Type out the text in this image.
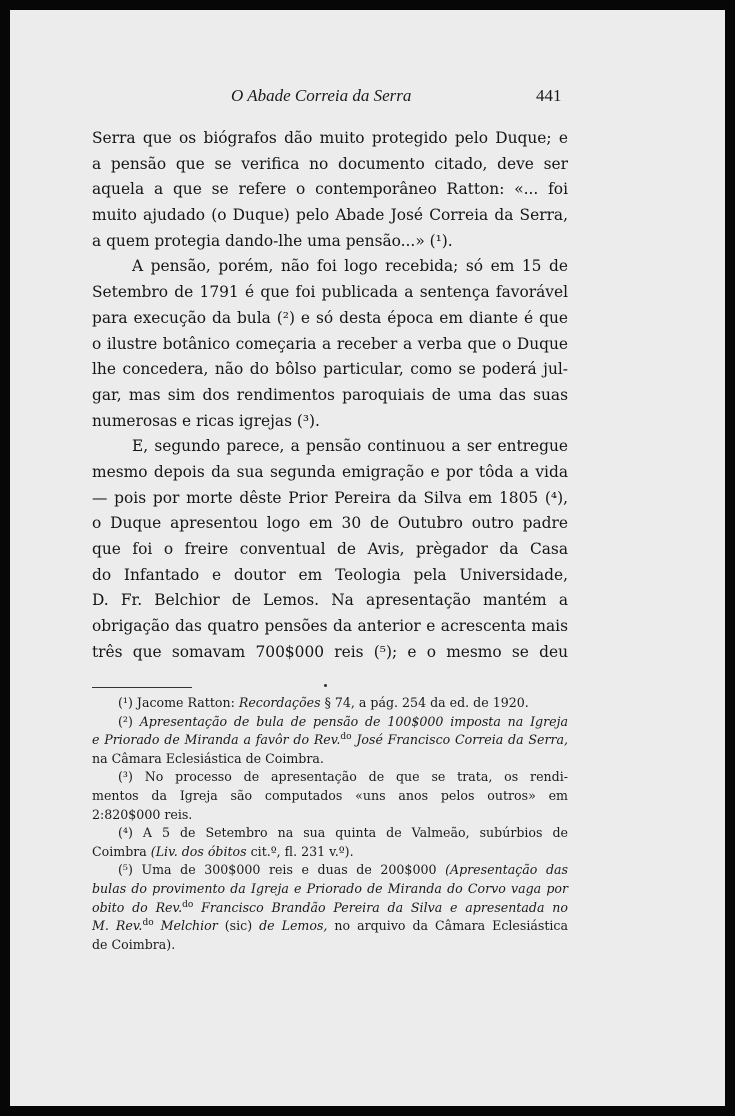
O Abade Correia da Serra	441
Serra que os biógrafos dão muito protegido pelo Duque; e
a pensão que se verifica no documento citado, deve ser
aquela a que se refere o contemporâneo Ratton: «... foi
muito ajudado (o Duque) pelo Abade José Correia da Serra,
a quem protegia dando-lhe uma pensão...» (¹).
A pensão, porém, não foi logo recebida; só em 15 de
Setembro de 1791 é que foi publicada a sentença favorável
para execução da bula (²) e só desta época em diante é que
o ilustre botânico começaria a receber a verba que o Duque
lhe concedera, não do bôlso particular, como se poderá jul-
gar, mas sim dos rendimentos paroquiais de uma das suas
numerosas e ricas igrejas (³).
E, segundo parece, a pensão continuou a ser entregue
mesmo depois da sua segunda emigração e por tôda a vida
— pois por morte dêste Prior Pereira da Silva em 1805 (⁴),
o Duque apresentou logo em 30 de Outubro outro padre
que foi o freire conventual de Avis, prègador da Casa
do Infantado e doutor em Teologia pela Universidade,
D. Fr. Belchior de Lemos. Na apresentação mantém a
obrigação das quatro pensões da anterior e acrescenta mais
três que somavam 700$000 reis (⁵); e o mesmo se deu
(¹) Jacome Ratton: Recordações § 74, a pág. 254 da ed. de 1920.
(²) Apresentação de bula de pensão de 100$000 imposta na Igreja
e Priorado de Miranda a favôr do Rev.$^{do}$ José Francisco Correia da Serra,
na Câmara Eclesiástica de Coimbra.
(³) No processo de apresentação de que se trata, os rendi-
mentos da Igreja são computados «uns anos pelos outros» em
2:820$000 reis.
(⁴) A 5 de Setembro na sua quinta de Valmeão, subúrbios de
Coimbra (Liv. dos óbitos cit.º, fl. 231 v.º).
(⁵) Uma de 300$000 reis e duas de 200$000 (Apresentação das
bulas do provimento da Igreja e Priorado de Miranda do Corvo vaga por
obito do Rev.$^{do}$ Francisco Brandão Pereira da Silva e apresentada no
M. Rev.$^{do}$ Melchior (sic) de Lemos, no arquivo da Câmara Eclesiástica
de Coimbra).
